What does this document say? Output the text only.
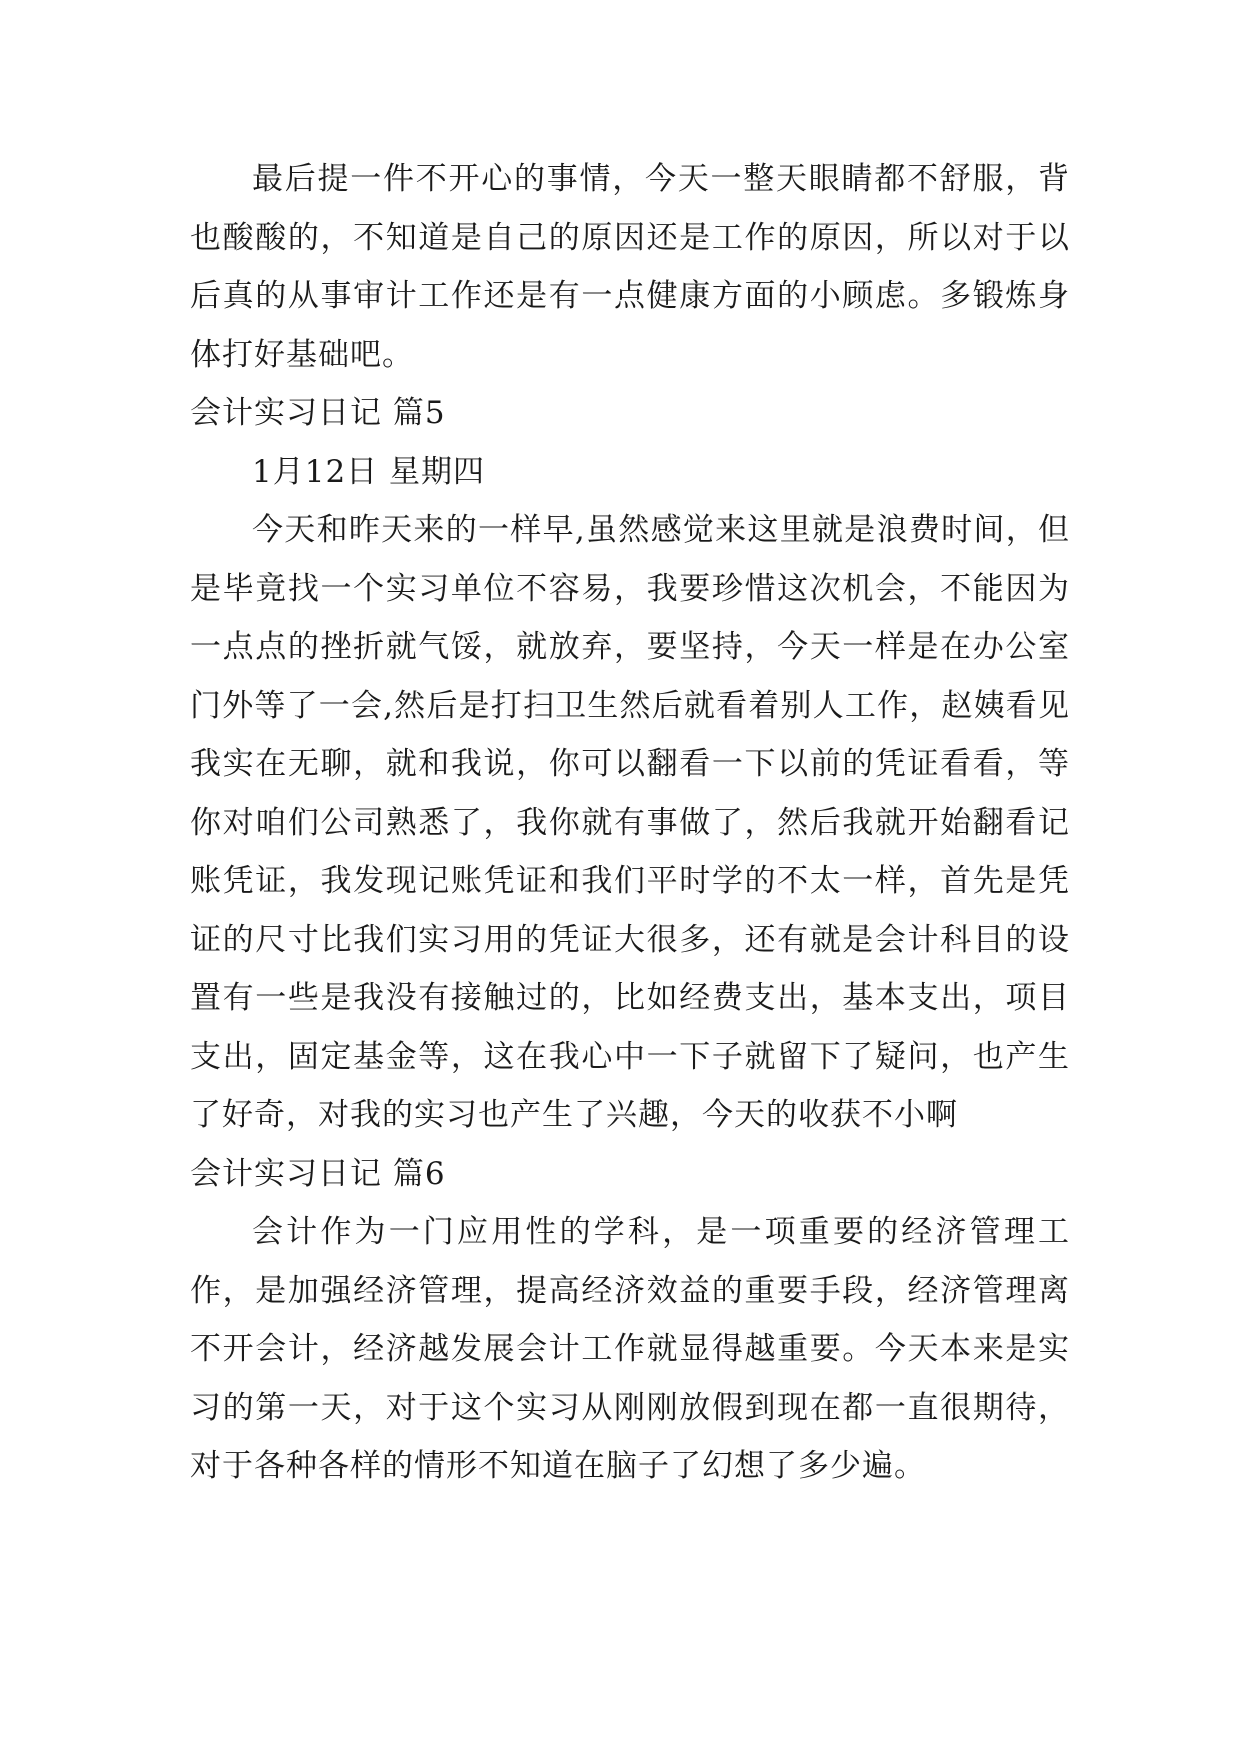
最后提一件不开心的事情，今天一整天眼睛都不舒服，背也酸酸的，不知道是自己的原因还是工作的原因，所以对于以后真的从事审计工作还是有一点健康方面的小顾虑。多锻炼身体打好基础吧。

会计实习日记 篇5

1月12日 星期四

今天和昨天来的一样早,虽然感觉来这里就是浪费时间，但是毕竟找一个实习单位不容易，我要珍惜这次机会，不能因为一点点的挫折就气馁，就放弃，要坚持，今天一样是在办公室门外等了一会,然后是打扫卫生然后就看着别人工作，赵姨看见我实在无聊，就和我说，你可以翻看一下以前的凭证看看，等你对咱们公司熟悉了，我你就有事做了，然后我就开始翻看记账凭证，我发现记账凭证和我们平时学的不太一样，首先是凭证的尺寸比我们实习用的凭证大很多，还有就是会计科目的设置有一些是我没有接触过的，比如经费支出，基本支出，项目支出，固定基金等，这在我心中一下子就留下了疑问，也产生了好奇，对我的实习也产生了兴趣，今天的收获不小啊

会计实习日记 篇6

会计作为一门应用性的学科，是一项重要的经济管理工作，是加强经济管理，提高经济效益的重要手段，经济管理离不开会计，经济越发展会计工作就显得越重要。今天本来是实习的第一天，对于这个实习从刚刚放假到现在都一直很期待，对于各种各样的情形不知道在脑子了幻想了多少遍。
